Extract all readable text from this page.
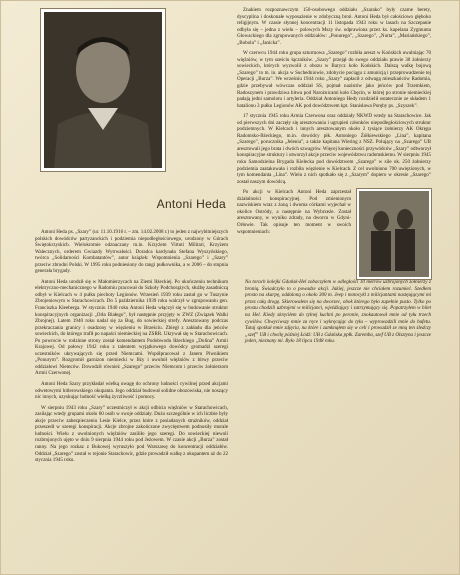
Antoni Heda

Antoni Heda ps. „Szary” (ur. 11.10.1916 r. – zm. 14.02.2008 r.) to jeden z najwybitniejszych polskich dowódców partyzanckich i podziemia niepodległościowego, urodzony w Górach Świętokrzyskich. Wielokrotnie odznaczany m.in. Krzyżem Virtuti Militari, Krzyżem Walecznych, orderem Gwiazdy Wytrwałości. Doradca kardynała Stefana Wyszyńskiego, twórca „Solidarności Kombatantów”, autor książek: Wspomnienia „Szarego” i „Szary” przeciw zbrodni Polski. W 1995 roku podniesiony do rangi pułkownika, a w 2006 – do stopnia generała brygady.

Antoni Heda urodził się w Małomierzycach na Ziemi Iłżeckiej. Po ukończeniu technikum elektryczno-mechanicznego w Radomiu pracował do Szkoły Podchorążych, służbę zasadniczą odbył w Kielcach w 4 pułku piechoty Legionów. Wrzesień 1939 roku zastał go w Tuszynie Zbrojeniowym w Starachowicach. Do 5 października 1939 roku walczył w zgrupowaniu gen. Franciszka Kleeberga. W styczniu 1940 roku Antoni Heda włączył się w budowanie struktur konspiracyjnych organizacji „Orła Białego”, był następnie przyjęty w ZWZ (Związek Walki Zbrojnej). Latem 1940 roku nadal się za Bug, do sowieckiej strefy. Aresztowany podczas przekraczania granicy i osadzony w więzieniu w Brześciu. Zbiegł z zakładu dla jeńców sowieckich, do którego trafił po napaści niemieckiej na ZSRR. Ukrywał się w Starachowicach. Po powrocie w rodzinne strony został komendantem Podobwodu Iłżeckiego „Dolina” Armii Krajowej. Od połowy 1942 roku z talentem wyjątkowego dowódcy gromadzi szeregi uczestników ukrywających się przed Niemcami. Współpracował z Janem Piwnikiem „Ponurym”. Rozgromił garnizon niemiecki w Iłży i uwolnił więźniów z bitwy przeciw oddziałowi Niemców. Dowodził również „Szarego” przeciw Niemcom i przeciw żołnierzom Armii Czerwonej.

Antoni Heda Szary przykładał wielką uwagę do ochrony ludności cywilnej przed akcjami odwetowymi hitlerowskiego okupanta. Jego oddział budował solidne obozowiska, nie noszący nic innych, uzyskując ludność wielką życzliwość i pomocy.

W sierpniu 1943 roku „Szary” uczestniczył w akcji odbicia więźniów w Starachowicach, zasilając wtedy grupami około 60 osób w swoje oddziały. Dużo szczególnie w ich liczbie były akcje przeciw zabezpieczeniu Lesie Kielce, przez które z posiadanych strażników, oddział przeszedł w szeregi konspiracji. Akcje zbrojne zakończone zwycięstwem podnosiły morale ludności. Wielu z uwolnionych więźniów zasiliło jego szeregi. Do sowieckiej niewoli rozbrojonych ujęto w dniu 9 sierpnia 1944 roku pod Jeżowem. W czasie akcji „Burza” został ranny. Na jego rozkaz z Bukowej wyruszyło pod Warszawę do koncentracji oddziałów. Oddział „Szarego” został w rejonie Starachowic, gdzie prowadził walkę z okupantem aż do 22 stycznia 1945 roku.

Znakiem rozpoznawczym 150-osobowego oddziału „Szarako” były czarne berety, dyscyplina i doskonałe wyposażenie w zdobyczną broń. Antoni Heda był całościowo głęboko religijnym. W czasie słynnej koncentracji 11 listopada 1943 roku w lasach na Szczepanie odbyła się – jedna z wielu – polowych Mszy św. odprawiona przez ks. kapelana Zygmunta Głowackiego dla zgrupowanych oddziałów: „Ponurego”, „Szarego”, „Nurta”, „Mariańskiego”, „Bobola” i „Janicka”.

W czerwcu 1944 roku grupa szturmowa „Szarego” rozbiła areszt w Końskich uwalniając 70 więźniów, w tym sześciu łączników. „Szary” przejął do swego oddziału prawie 30 żołnierzy sowieckich, których wyzwolił z obozu w Barycz koło Końskich. Dalszą walkę bojową „Szarego” to m. in. akcja w Suchedniowie, zdobycie pociągu z amunicją i przeprowadzenie tej Operacji „Burza”. We wrześniu 1944 roku „Szary” zapłacił z odwagą mieszkańców Radomia, gdzie przebywał wówczas oddział SS, pojmał nazistów jako jeńców pod Trzemkiem, Radoszynem i prawdziwa bitwa pod Narożnicami koło Chęcin, w której po stronie niemieckiej padają jedni samolotu i artyleria. Oddział Antoniego Hedy rozdzielił ostatecznie ze składem 1 batalionu 3 pułku Legionów AK pod dowództwem kpt. Stanisława Poręby ps. „Szyszek”.

17 stycznia 1945 roku Armia Czerwona oraz oddziały NKWD wtedy na Starachowice. Jak od pierwszych dni zaczęły się aresztowania i ugrupień członków niepodległościowych struktur podziemnych. W Kielcach i innych aresztowanym około 2 tysiące żołnierzy AK Okręgu Radomsko-Iłżeckiego, m.in. dowódcy płk. Antoniego Żółkiewskiego „Lina”, kapitana „Szarego”, porucznika „Jelenia”, a także kapitana Wiering z NSZ. Polujący na „Szarego” UB aresztowali jego brata i dwóch szwagrów. Więcej konieczności przywódców „Szary” odtworzył konspiracyjne struktury i utworzył akcje przeciw województwu radomskiemu. W sierpniu 1945 roku Samodzielna Brygada Kielecka pod dowództwem „Szarego” w sile ok. 250 żołnierzy podziemia zaatakowała i rozbiła więzienie w Kielcach. Z cel uwolniono 700 uwięzionych, w tym komendanta „Lina”. Wielu z nich spotkało się z „Szarym” dopiero w okresie „Szarego” został naszym dowódcą.

Po akcji w Kielcach Antoni Heda zaprzestał działalności konspiracyjnej. Pod zmienionym nazwiskiem wraz z żoną i dwoma córkami wyjechał w okolice Ostródy, a następnie na Wybrzeże. Został aresztowany, w wyniku zdrady, na dworcu w Gdyni-Orłowie. Tak opisuje ten moment w swoich wspomnieniach:

Na torach kolejki Gdańsk-Hel zobaczyłem w odległości 10 metrów uzbrojonych żołnierzy z bronią. Świadczyło to o powadze akcji. Jakiej, jeszcze nie chciałem rozumieć. Szedłem prosto na skarpę, oddaloną o około 300 m. Jeep i motocykl z milicjantami nastęującymi mi przez całą drogę. Skierowałem się na dworzec, obok którego było zupełnie pusto. Tylko po prostu chodzili uzbrojeni w milicjanci, wjeżdżający i zatrzymujący się. Popatrzyłem w bilet na Hel. Kiedy skręciłem do tylnej kuchni po peronie, znokautował mnie od tyłu trzech cywilów. Chwyciwszy mnie za ręce i wykręcając do tyłu – wyprowadzili mnie do bufetu. Tutaj spotkał mnie zdjęcia, na które i zamknąłem się w celi i prowadził ze mną ten śledczy „szef” UB i chwilę później Łódź: UB z Gdańska ppłk. Zaremba, szef UB z Olsztyna i jeszcze jeden, nieznany mi. Było 18 lipca 1948 roku.
